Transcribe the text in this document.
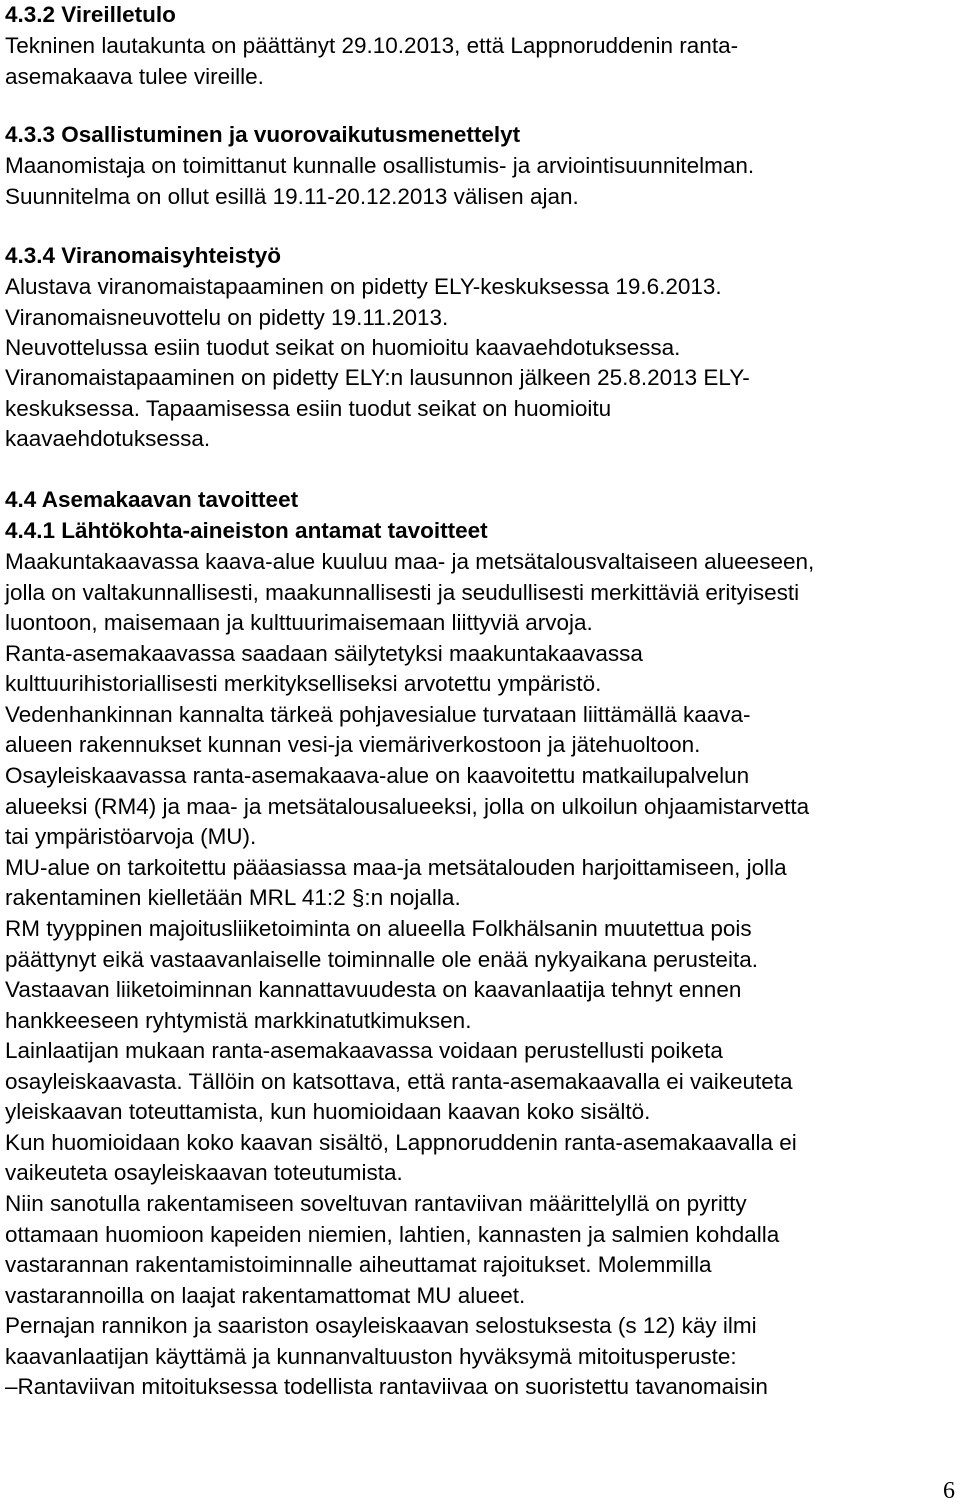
4.3.2 Vireilletulo
Tekninen lautakunta on päättänyt 29.10.2013, että Lappnoruddenin ranta-
asemakaava tulee vireille.
4.3.3 Osallistuminen ja vuorovaikutusmenettelyt
Maanomistaja on toimittanut kunnalle osallistumis- ja arviointisuunnitelman.
Suunnitelma on ollut esillä 19.11-20.12.2013 välisen ajan.
4.3.4 Viranomaisyhteistyö
Alustava viranomaistapaaminen on pidetty ELY-keskuksessa 19.6.2013.
Viranomaisneuvottelu on pidetty 19.11.2013.
Neuvottelussa esiin tuodut seikat on huomioitu kaavaehdotuksessa.
Viranomaistapaaminen on pidetty ELY:n lausunnon jälkeen 25.8.2013 ELY-
keskuksessa. Tapaamisessa esiin tuodut seikat on huomioitu
kaavaehdotuksessa.
4.4 Asemakaavan tavoitteet
4.4.1 Lähtökohta-aineiston antamat tavoitteet
Maakuntakaavassa kaava-alue kuuluu maa- ja metsätalousvaltaiseen alueeseen,
jolla on valtakunnallisesti, maakunnallisesti ja seudullisesti merkittäviä erityisesti
luontoon, maisemaan ja kulttuurimaisemaan liittyviä arvoja.
Ranta-asemakaavassa saadaan säilytetyksi maakuntakaavassa
kulttuurihistoriallisesti merkitykselliseksi arvotettu ympäristö.
Vedenhankinnan kannalta tärkeä pohjavesialue turvataan liittämällä kaava-
alueen rakennukset kunnan vesi-ja viemäriverkostoon ja jätehuoltoon.
Osayleiskaavassa ranta-asemakaava-alue on kaavoitettu matkailupalvelun
alueeksi (RM4) ja maa- ja metsätalousalueeksi, jolla on ulkoilun ohjaamistarvetta
tai ympäristöarvoja (MU).
MU-alue on tarkoitettu pääasiassa maa-ja metsätalouden harjoittamiseen, jolla
rakentaminen kielletään MRL 41:2 §:n nojalla.
RM tyyppinen majoitusliiketoiminta on alueella Folkhälsanin muutettua pois
päättynyt eikä vastaavanlaiselle toiminnalle ole enää nykyaikana perusteita.
Vastaavan liiketoiminnan kannattavuudesta on kaavanlaatija tehnyt ennen
hankkeeseen ryhtymistä markkinatutkimuksen.
Lainlaatijan mukaan ranta-asemakaavassa voidaan perustellusti poiketa
osayleiskaavasta. Tällöin on katsottava, että ranta-asemakaavalla ei vaikeuteta
yleiskaavan toteuttamista, kun huomioidaan kaavan koko sisältö.
Kun huomioidaan koko kaavan sisältö, Lappnoruddenin ranta-asemakaavalla ei
vaikeuteta osayleiskaavan toteutumista.
Niin sanotulla rakentamiseen soveltuvan rantaviivan määrittelyllä on pyritty
ottamaan huomioon kapeiden niemien, lahtien, kannasten ja salmien kohdalla
vastarannan rakentamistoiminnalle aiheuttamat rajoitukset. Molemmilla
vastarannoilla on laajat rakentamattomat MU alueet.
Pernajan rannikon ja saariston osayleiskaavan selostuksesta (s 12) käy ilmi
kaavanlaatijan käyttämä ja kunnanvaltuuston hyväksymä mitoitusperuste:
–Rantaviivan mitoituksessa todellista rantaviivaa on suoristettu tavanomaisin
6
